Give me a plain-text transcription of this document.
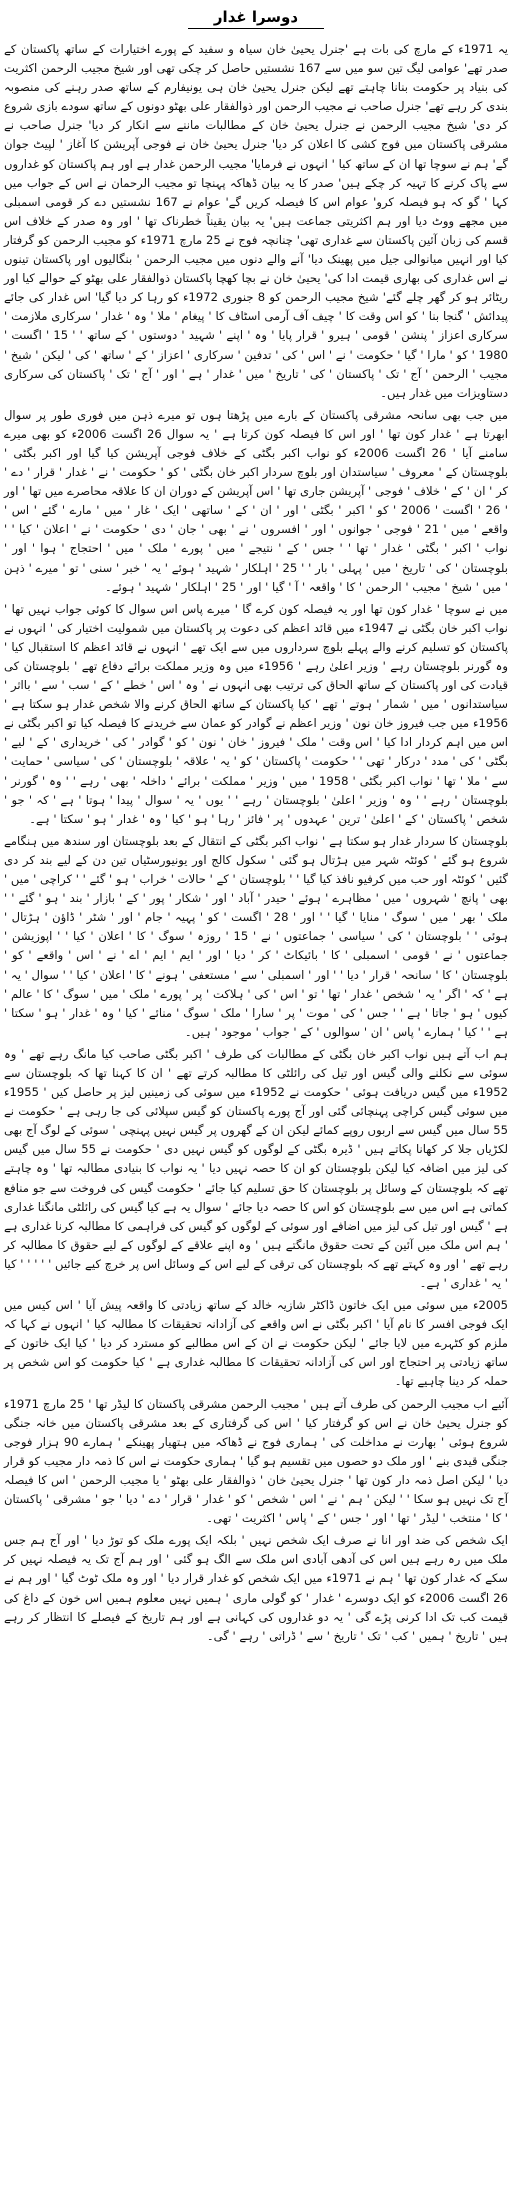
دوسرا غدار

یہ 1971ء کے مارچ کی بات ہے 'جنرل یحییٰ خان سیاہ و سفید کے پورے اختیارات کے ساتھ پاکستان کے صدر تھے' عوامی لیگ تین سو میں سے 167 نشستیں حاصل کر چکی تھی اور شیخ مجیب الرحمن اکثریت کی بنیاد پر حکومت بنانا چاہتے تھے لیکن جنرل یحییٰ خان ہی یونیفارم کے ساتھ صدر رہنے کی منصوبہ بندی کر رہے تھے' جنرل صاحب نے مجیب الرحمن اور ذوالفقار علی بھٹو دونوں کے ساتھ سودے بازی شروع کر دی' شیخ مجیب الرحمن نے جنرل یحییٰ خان کے مطالبات ماننے سے انکار کر دیا' جنرل صاحب نے مشرقی پاکستان میں فوج کشی کا اعلان کر دیا' جنرل یحییٰ خان نے فوجی آپریشن کا آغاز ' لپیٹ جوان گے' ہم نے سوچا تھا ان کے ساتھ کیا ' انہوں نے فرمایا' مجیب الرحمن غدار ہے اور ہم پاکستان کو غداروں سے پاک کرنے کا تہیہ کر چکے ہیں' صدر کا یہ بیان ڈھاکہ پہنچا تو مجیب الرحمان نے اس کے جواب میں کہا ' گو کہ ہو فیصلہ کرو' عوام اس کا فیصلہ کریں گے' عوام نے 167 نشستیں دے کر قومی اسمبلی میں مجھے ووٹ دیا اور ہم اکثریتی جماعت ہیں' یہ بیان یقیناً خطرناک تھا ' اور وہ صدر کے خلاف اس قسم کی زبان آئین پاکستان سے غداری تھی' چنانچہ فوج نے 25 مارچ 1971ء کو مجیب الرحمن کو گرفتار کیا اور انہیں میانوالی جیل میں پھینک دیا' آنے والے دنوں میں مجیب الرحمن ' بنگالیوں اور پاکستان تینوں نے اس غداری کی بھاری قیمت ادا کی' یحییٰ خان نے بچا کھچا پاکستان ذوالفقار علی بھٹو کے حوالے کیا اور ریٹائر ہو کر گھر چلے گئے' شیخ مجیب الرحمن کو 8 جنوری 1972ء کو رہا کر دیا گیا' اس غدار کی جائے پیدائش ' گنجا بنا ' کو اس وقت کا ' چیف آف آرمی اسٹاف کا ' پیغام ' ملا ' وہ ' غدار ' سرکاری ملازمت ' سرکاری اعزاز ' پنشن ' قومی ' ہیرو ' قرار پایا ' وہ ' اپنے ' شہید ' دوستوں ' کے ساتھ ' ' 15 ' اگست ' 1980 ' کو ' مارا ' گیا ' حکومت ' نے ' اس ' کی ' تدفین ' سرکاری ' اعزاز ' کے ' ساتھ ' کی ' لیکن ' شیخ ' مجیب ' الرحمن ' آج ' تک ' پاکستان ' کی ' تاریخ ' میں ' غدار ' ہے ' اور ' آج ' تک ' پاکستان کی سرکاری دستاویزات میں غدار ہیں۔

میں جب بھی سانحہ مشرقی پاکستان کے بارے میں پڑھتا ہوں تو میرے ذہن میں فوری طور پر سوال ابھرتا ہے ' غدار کون تھا ' اور اس کا فیصلہ کون کرتا ہے ' یہ سوال 26 اگست 2006ء کو بھی میرے سامنے آیا ' 26 اگست 2006ء کو نواب اکبر بگٹی کے خلاف فوجی آپریشن کیا گیا اور اکبر بگٹی ' بلوچستان کے ' معروف ' سیاستدان اور بلوچ سردار اکبر خان بگٹی ' کو ' حکومت ' نے ' غدار ' قرار ' دے ' کر ' ان ' کے ' خلاف ' فوجی ' آپریشن جاری تھا ' اس آپریشن کے دوران ان کا علاقہ محاصرے میں تھا ' اور ' 26 ' اگست ' 2006 ' کو ' اکبر ' بگٹی ' اور ' ان ' کے ' ساتھی ' ایک ' غار ' میں ' مارے ' گئے ' اس ' واقعے ' میں ' 21 ' فوجی ' جوانوں ' اور ' افسروں ' نے ' بھی ' جان ' دی ' حکومت ' نے ' اعلان ' کیا ' ' نواب ' اکبر ' بگٹی ' غدار ' تھا ' ' جس ' کے ' نتیجے ' میں ' پورے ' ملک ' میں ' احتجاج ' ہوا ' اور ' بلوچستان ' کی ' تاریخ ' میں ' پہلی ' بار ' ' 25 ' اہلکار ' شہید ' ہوئے ' یہ ' خبر ' سنی ' تو ' میرے ' ذہن ' میں ' شیخ ' مجیب ' الرحمن ' کا ' واقعہ ' آ ' گیا ' اور ' 25 ' اہلکار ' شہید ' ہوئے۔

میں نے سوچا ' غدار کون تھا اور یہ فیصلہ کون کرے گا ' میرے پاس اس سوال کا کوئی جواب نہیں تھا ' نواب اکبر خان بگٹی نے 1947ء میں قائد اعظم کی دعوت پر پاکستان میں شمولیت اختیار کی ' انہوں نے پاکستان کو تسلیم کرنے والے پہلے بلوچ سرداروں میں سے ایک تھے ' انہوں نے قائد اعظم کا استقبال کیا ' وہ گورنر بلوچستان رہے ' وزیر اعلیٰ رہے ' 1956ء میں وہ وزیر مملکت برائے دفاع تھے ' بلوچستان کی قیادت کی اور پاکستان کے ساتھ الحاق کی ترتیب بھی انہوں نے ' وہ ' اس ' خطے ' کے ' سب ' سے ' بااثر ' سیاستدانوں ' میں ' شمار ' ہوتے ' تھے ' کیا پاکستان کے ساتھ الحاق کرنے والا شخص غدار ہو سکتا ہے ' 1956ء میں جب فیروز خان نون ' وزیر اعظم نے گوادر کو عمان سے خریدنے کا فیصلہ کیا تو اکبر بگٹی نے اس میں اہم کردار ادا کیا ' اس وقت ' ملک ' فیروز ' خان ' نون ' کو ' گوادر ' کی ' خریداری ' کے ' لیے ' بگٹی ' کی ' مدد ' درکار ' تھی ' ' حکومت ' پاکستان ' کو ' یہ ' علاقہ ' بلوچستان ' کی ' سیاسی ' حمایت ' سے ' ملا ' تھا ' نواب اکبر بگٹی ' 1958 ' میں ' وزیر ' مملکت ' برائے ' داخلہ ' بھی ' رہے ' ' وہ ' گورنر ' بلوچستان ' رہے ' ' وہ ' وزیر ' اعلیٰ ' بلوچستان ' رہے ' ' یوں ' یہ ' سوال ' پیدا ' ہوتا ' ہے ' کہ ' جو ' شخص ' پاکستان ' کے ' اعلیٰ ' ترین ' عہدوں ' پر ' فائز ' رہا ' ہو ' کیا ' وہ ' غدار ' ہو ' سکتا ' ہے۔

بلوچستان کا سردار غدار ہو سکتا ہے ' نواب اکبر بگٹی کے انتقال کے بعد بلوچستان اور سندھ میں ہنگامے شروع ہو گئے ' کوئٹہ شہر میں ہڑتال ہو گئی ' سکول کالج اور یونیورسٹیاں تین دن کے لیے بند کر دی گئیں ' کوئٹہ اور حب میں کرفیو نافذ کیا گیا ' ' بلوچستان ' کے ' حالات ' خراب ' ہو ' گئے ' ' کراچی ' میں ' بھی ' پانچ ' شہروں ' میں ' مظاہرے ' ہوئے ' حیدر ' آباد ' اور ' شکار ' پور ' کے ' بازار ' بند ' ہو ' گئے ' ' ملک ' بھر ' میں ' سوگ ' منایا ' گیا ' ' اور ' 28 ' اگست ' کو ' پہیہ ' جام ' اور ' شٹر ' ڈاؤن ' ہڑتال ' ہوئی ' ' بلوچستان ' کی ' سیاسی ' جماعتوں ' نے ' 15 ' روزہ ' سوگ ' کا ' اعلان ' کیا ' ' اپوزیشن ' جماعتوں ' نے ' قومی ' اسمبلی ' کا ' بائیکاٹ ' کر ' دیا ' اور ' ایم ' ایم ' اے ' نے ' اس ' واقعے ' کو ' بلوچستان ' کا ' سانحہ ' قرار ' دیا ' ' اور ' اسمبلی ' سے ' مستعفی ' ہونے ' کا ' اعلان ' کیا ' ' سوال ' یہ ' ہے ' کہ ' اگر ' یہ ' شخص ' غدار ' تھا ' تو ' اس ' کی ' ہلاکت ' پر ' پورے ' ملک ' میں ' سوگ ' کا ' عالم ' کیوں ' ہو ' جاتا ' ہے ' ' جس ' کی ' موت ' پر ' سارا ' ملک ' سوگ ' منائے ' کیا ' وہ ' غدار ' ہو ' سکتا ' ہے ' ' کیا ' ہمارے ' پاس ' ان ' سوالوں ' کے ' جواب ' موجود ' ہیں۔

ہم اب آتے ہیں نواب اکبر خان بگٹی کے مطالبات کی طرف ' اکبر بگٹی صاحب کیا مانگ رہے تھے ' وہ سوئی سے نکلنے والی گیس اور تیل کی رائلٹی کا مطالبہ کرتے تھے ' ان کا کہنا تھا کہ بلوچستان سے 1952ء میں گیس دریافت ہوئی ' حکومت نے 1952ء میں سوئی کی زمینیں لیز پر حاصل کیں ' 1955ء میں سوئی گیس کراچی پہنچائی گئی اور آج پورے پاکستان کو گیس سپلائی کی جا رہی ہے ' حکومت نے 55 سال میں گیس سے اربوں روپے کمائے لیکن ان کے گھروں پر گیس نہیں پہنچی ' سوئی کے لوگ آج بھی لکڑیاں جلا کر کھانا پکاتے ہیں ' ڈیرہ بگٹی کے لوگوں کو گیس نہیں دی ' حکومت نے 55 سال میں گیس کی لیز میں اضافہ کیا لیکن بلوچستان کو ان کا حصہ نہیں دیا ' یہ نواب کا بنیادی مطالبہ تھا ' وہ چاہتے تھے کہ بلوچستان کے وسائل پر بلوچستان کا حق تسلیم کیا جائے ' حکومت گیس کی فروخت سے جو منافع کماتی ہے اس میں سے بلوچستان کو اس کا حصہ دیا جائے ' سوال یہ ہے کیا گیس کی رائلٹی مانگنا غداری ہے ' گیس اور تیل کی لیز میں اضافے اور سوئی کے لوگوں کو گیس کی فراہمی کا مطالبہ کرنا غداری ہے ' ہم اس ملک میں آئین کے تحت حقوق مانگتے ہیں ' وہ اپنے علاقے کے لوگوں کے لیے حقوق کا مطالبہ کر رہے تھے ' اور وہ کہتے تھے کہ بلوچستان کی ترقی کے لیے اس کے وسائل اس پر خرچ کیے جائیں ' ' ' ' ' کیا ' یہ ' غداری ' ہے۔

2005ء میں سوئی میں ایک خاتون ڈاکٹر شازیہ خالد کے ساتھ زیادتی کا واقعہ پیش آیا ' اس کیس میں ایک فوجی افسر کا نام آیا ' اکبر بگٹی نے اس واقعے کی آزادانہ تحقیقات کا مطالبہ کیا ' انہوں نے کہا کہ ملزم کو کٹہرے میں لایا جائے ' لیکن حکومت نے ان کے اس مطالبے کو مسترد کر دیا ' کیا ایک خاتون کے ساتھ زیادتی پر احتجاج اور اس کی آزادانہ تحقیقات کا مطالبہ غداری ہے ' کیا حکومت کو اس شخص پر حملہ کر دینا چاہیے تھا۔

آئیے اب مجیب الرحمن کی طرف آتے ہیں ' مجیب الرحمن مشرقی پاکستان کا لیڈر تھا ' 25 مارچ 1971ء کو جنرل یحییٰ خان نے اس کو گرفتار کیا ' اس کی گرفتاری کے بعد مشرقی پاکستان میں خانہ جنگی شروع ہوئی ' بھارت نے مداخلت کی ' ہماری فوج نے ڈھاکہ میں ہتھیار پھینکے ' ہمارے 90 ہزار فوجی جنگی قیدی بنے ' اور ملک دو حصوں میں تقسیم ہو گیا ' ہماری حکومت نے اس کا ذمہ دار مجیب کو قرار دیا ' لیکن اصل ذمہ دار کون تھا ' جنرل یحییٰ خان ' ذوالفقار علی بھٹو ' یا مجیب الرحمن ' اس کا فیصلہ آج تک نہیں ہو سکا ' ' لیکن ' ہم ' نے ' اس ' شخص ' کو ' غدار ' قرار ' دے ' دیا ' جو ' مشرقی ' پاکستان ' کا ' منتخب ' لیڈر ' تھا ' اور ' جس ' کے ' پاس ' اکثریت ' تھی۔

ایک شخص کی ضد اور انا نے صرف ایک شخص نہیں ' بلکہ ایک پورے ملک کو توڑ دیا ' اور آج ہم جس ملک میں رہ رہے ہیں اس کی آدھی آبادی اس ملک سے الگ ہو گئی ' اور ہم آج تک یہ فیصلہ نہیں کر سکے کہ غدار کون تھا ' ہم نے 1971ء میں ایک شخص کو غدار قرار دیا ' اور وہ ملک ٹوٹ گیا ' اور ہم نے 26 اگست 2006ء کو ایک دوسرے ' غدار ' کو گولی ماری ' ہمیں نہیں معلوم ہمیں اس خون کے داغ کی قیمت کب تک ادا کرنی پڑے گی ' یہ دو غداروں کی کہانی ہے اور ہم تاریخ کے فیصلے کا انتظار کر رہے ہیں ' تاریخ ' ہمیں ' کب ' تک ' تاریخ ' سے ' ڈراتی ' رہے ' گی۔
